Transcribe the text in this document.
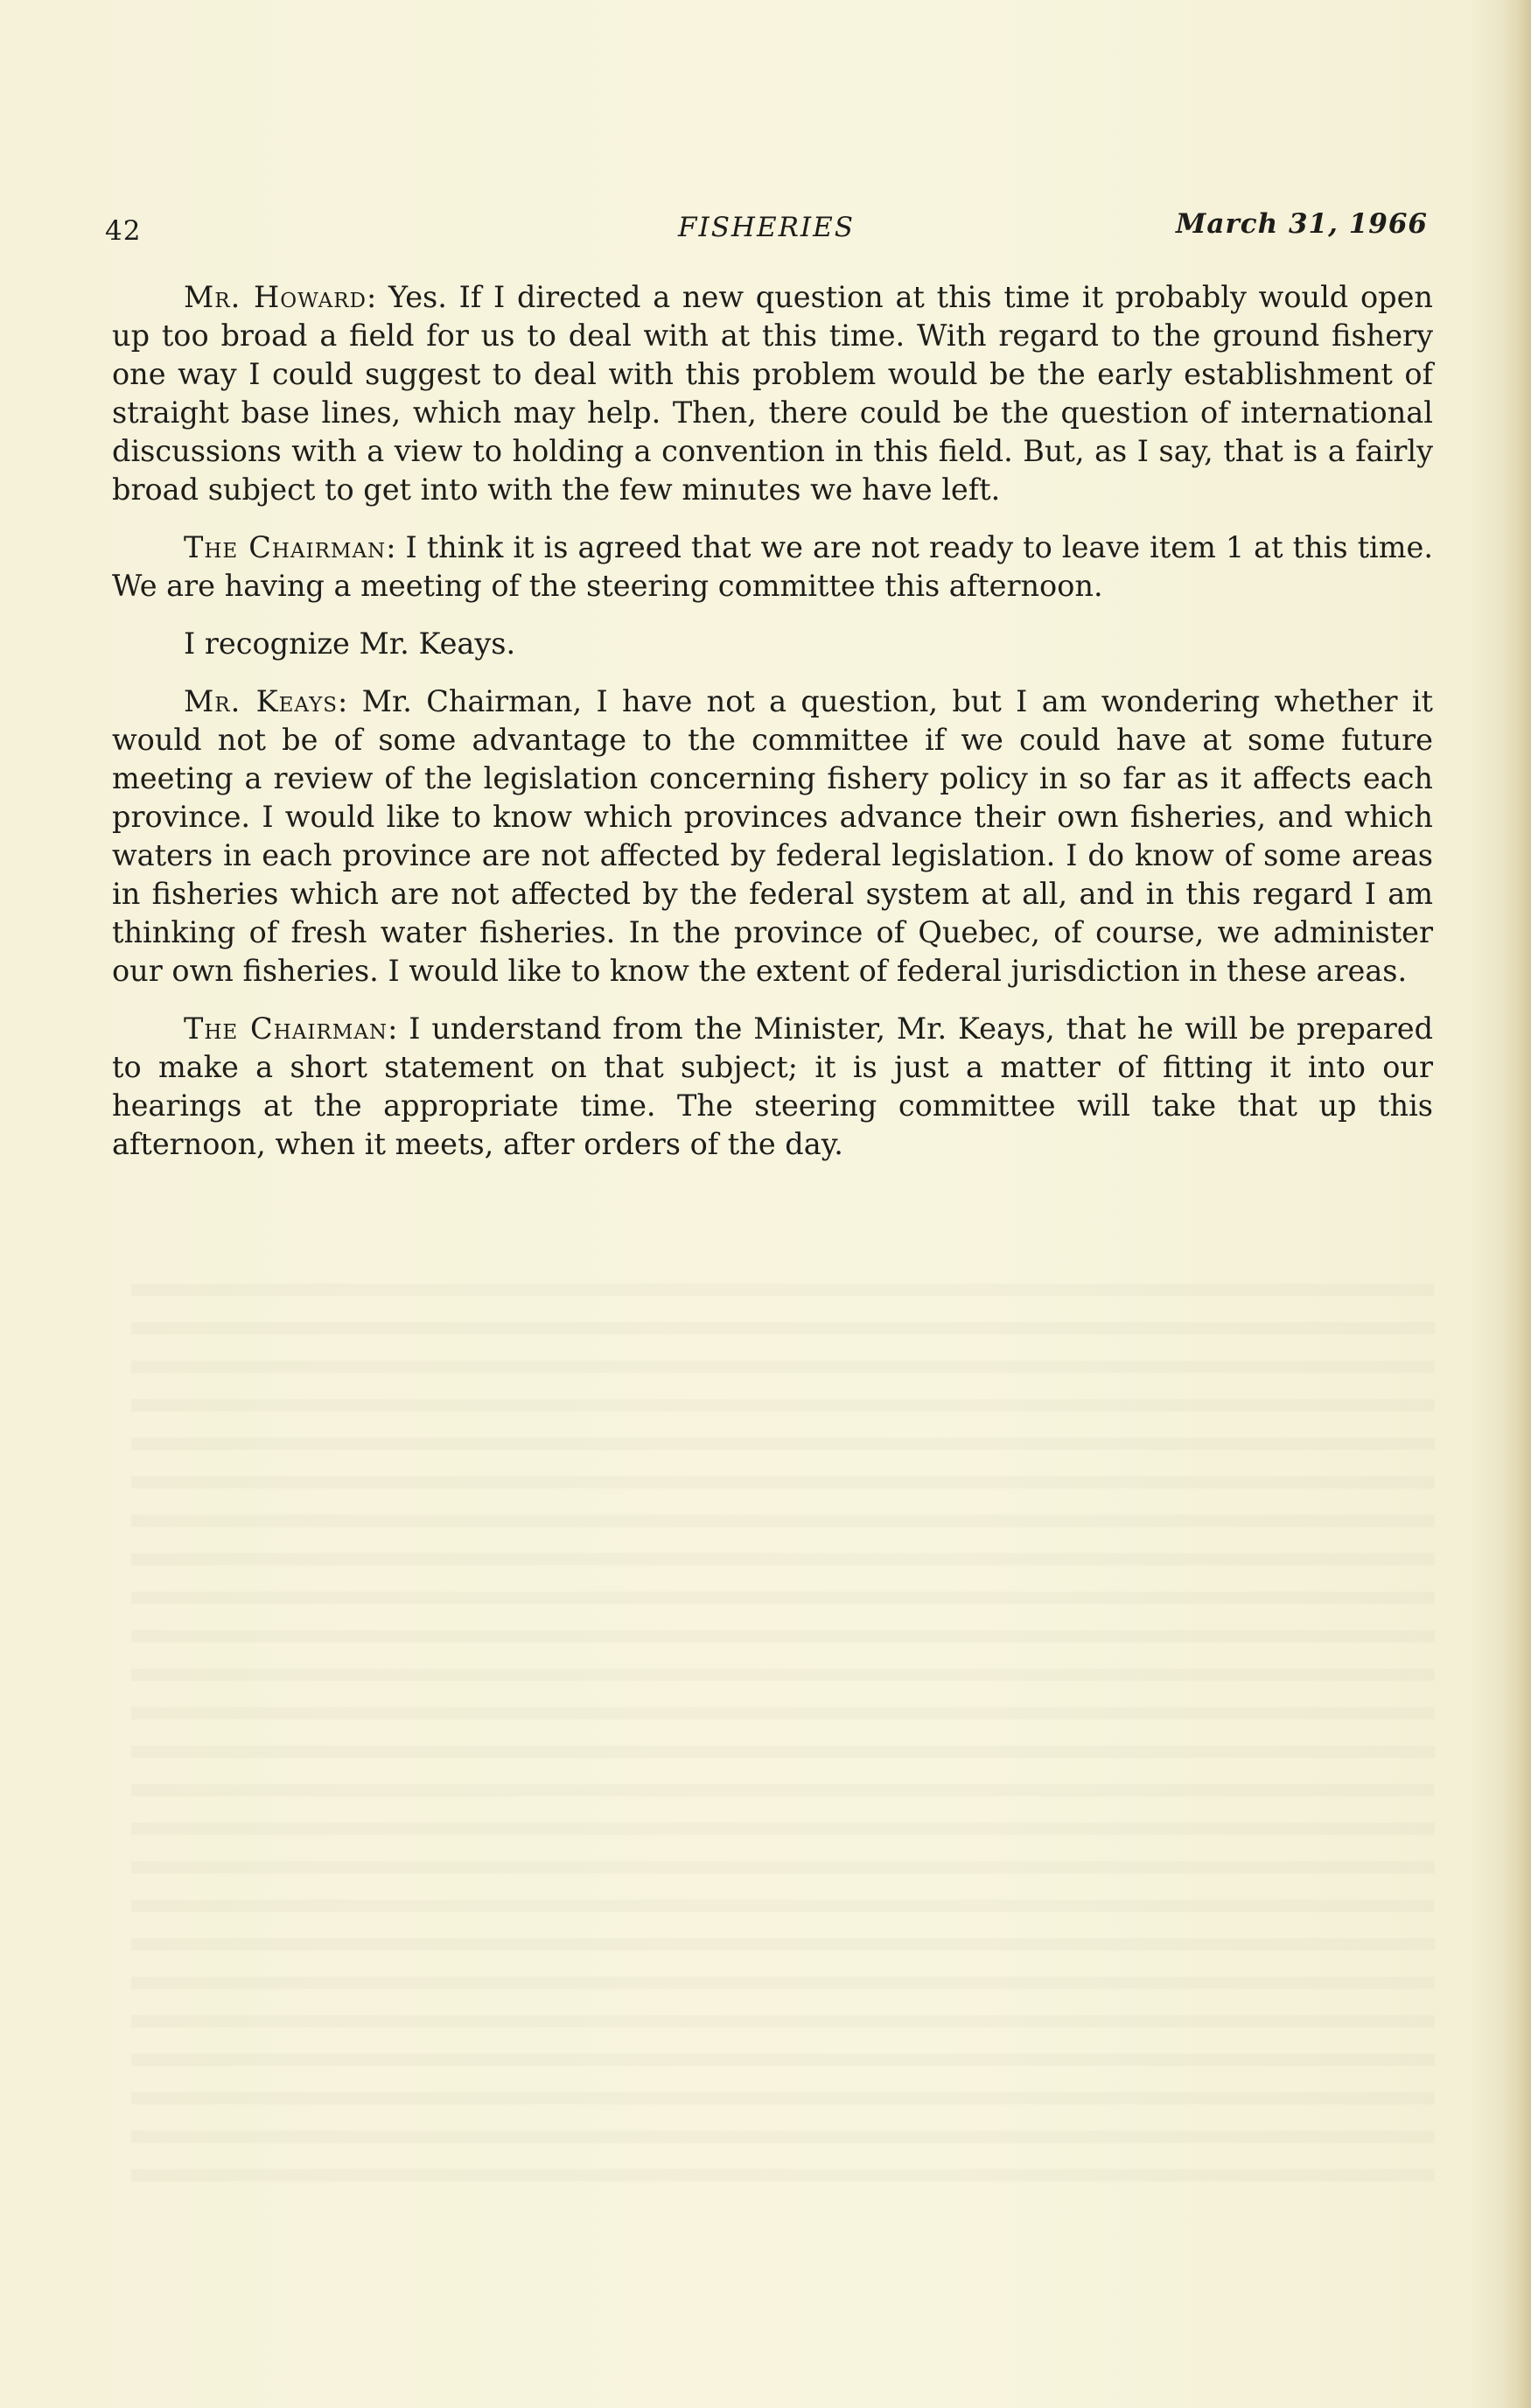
42	FISHERIES	March 31, 1966

Mr. Howard: Yes. If I directed a new question at this time it probably would open up too broad a field for us to deal with at this time. With regard to the ground fishery one way I could suggest to deal with this problem would be the early establishment of straight base lines, which may help. Then, there could be the question of international discussions with a view to holding a convention in this field. But, as I say, that is a fairly broad subject to get into with the few minutes we have left.

The Chairman: I think it is agreed that we are not ready to leave item 1 at this time. We are having a meeting of the steering committee this afternoon.

I recognize Mr. Keays.

Mr. Keays: Mr. Chairman, I have not a question, but I am wondering whether it would not be of some advantage to the committee if we could have at some future meeting a review of the legislation concerning fishery policy in so far as it affects each province. I would like to know which provinces advance their own fisheries, and which waters in each province are not affected by federal legislation. I do know of some areas in fisheries which are not affected by the federal system at all, and in this regard I am thinking of fresh water fisheries. In the province of Quebec, of course, we administer our own fisheries. I would like to know the extent of federal jurisdiction in these areas.

The Chairman: I understand from the Minister, Mr. Keays, that he will be prepared to make a short statement on that subject; it is just a matter of fitting it into our hearings at the appropriate time. The steering committee will take that up this afternoon, when it meets, after orders of the day.
